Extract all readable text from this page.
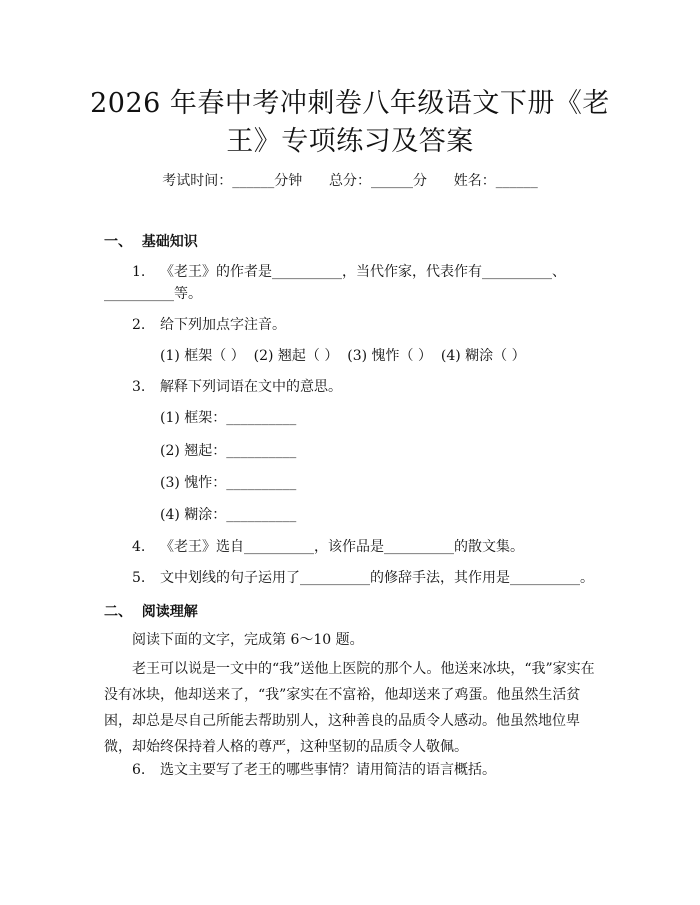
2026 年春中考冲刺卷八年级语文下册《老
王》专项练习及答案
考试时间：______分钟      总分：______分      姓名：______
一、  基础知识
1. 《老王》的作者是__________，当代作家，代表作有__________、
__________等。
2. 给下列加点字注音。
(1) 框架（ ）  (2) 翘起（ ）  (3) 愧怍（ ）  (4) 糊涂（ ）
3. 解释下列词语在文中的意思。
(1) 框架：__________
(2) 翘起：__________
(3) 愧怍：__________
(4) 糊涂：__________
4. 《老王》选自__________，该作品是__________的散文集。
5. 文中划线的句子运用了__________的修辞手法，其作用是__________。
二、  阅读理解
阅读下面的文字，完成第 6～10 题。
老王可以说是一文中的“我”送他上医院的那个人。他送来冰块，“我”家实在没有冰块，他却送来了，“我”家实在不富裕，他却送来了鸡蛋。他虽然生活贫困，却总是尽自己所能去帮助别人，这种善良的品质令人感动。他虽然地位卑微，却始终保持着人格的尊严，这种坚韧的品质令人敬佩。
6. 选文主要写了老王的哪些事情？请用简洁的语言概括。
